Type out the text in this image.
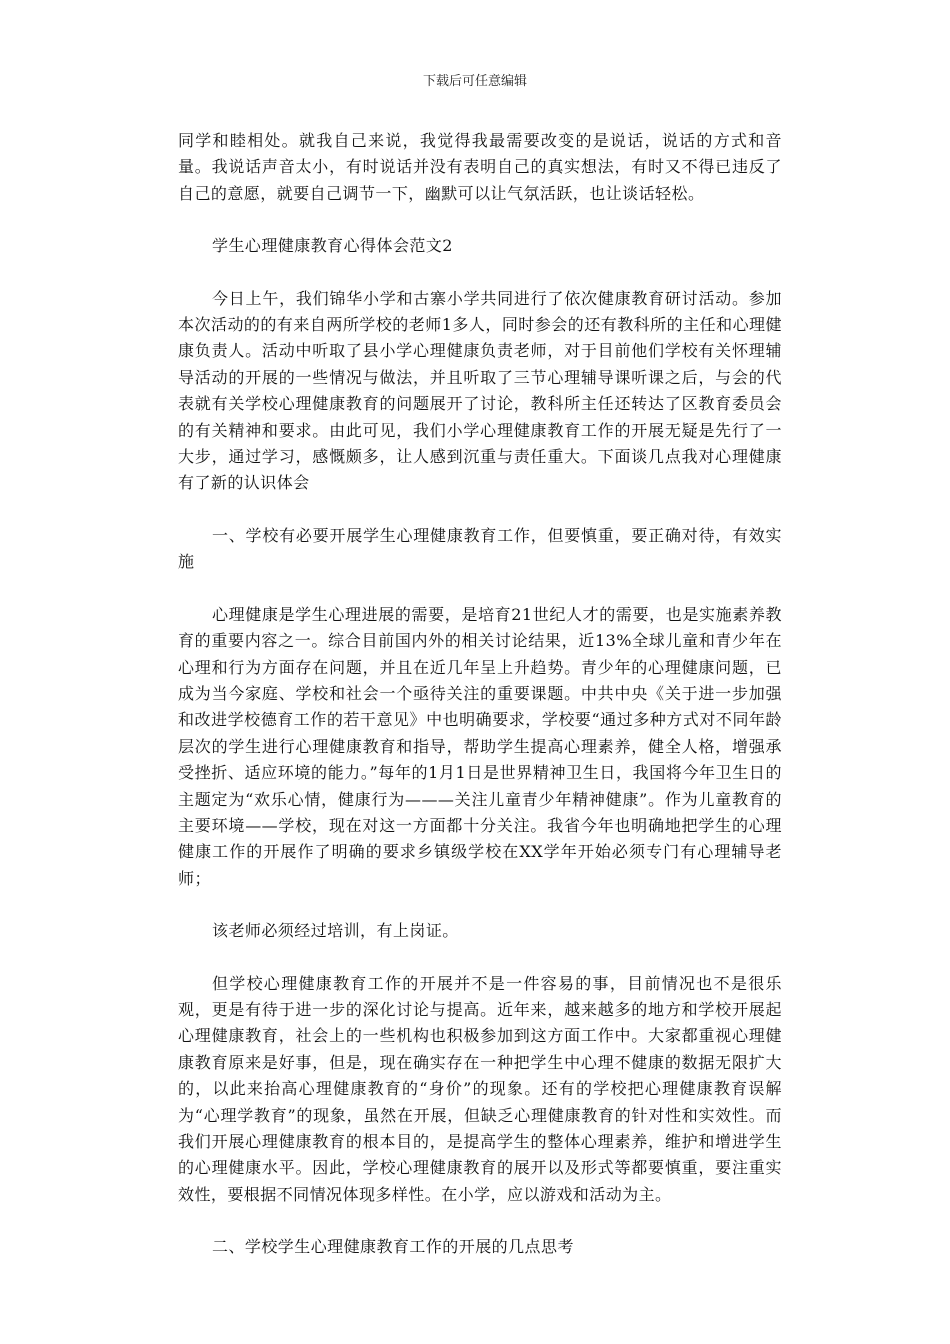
下载后可任意编辑

同学和睦相处。就我自己来说，我觉得我最需要改变的是说话，说话的方式和音量。我说话声音太小，有时说话并没有表明自己的真实想法，有时又不得已违反了自己的意愿，就要自己调节一下，幽默可以让气氛活跃，也让谈话轻松。

学生心理健康教育心得体会范文2

今日上午，我们锦华小学和古寨小学共同进行了依次健康教育研讨活动。参加本次活动的的有来自两所学校的老师1多人，同时参会的还有教科所的主任和心理健康负责人。活动中听取了县小学心理健康负责老师，对于目前他们学校有关怀理辅导活动的开展的一些情况与做法，并且听取了三节心理辅导课听课之后，与会的代表就有关学校心理健康教育的问题展开了讨论，教科所主任还转达了区教育委员会的有关精神和要求。由此可见，我们小学心理健康教育工作的开展无疑是先行了一大步，通过学习，感慨颇多，让人感到沉重与责任重大。下面谈几点我对心理健康有了新的认识体会

一、学校有必要开展学生心理健康教育工作，但要慎重，要正确对待，有效实施

心理健康是学生心理进展的需要，是培育21世纪人才的需要，也是实施素养教育的重要内容之一。综合目前国内外的相关讨论结果，近13%全球儿童和青少年在心理和行为方面存在问题，并且在近几年呈上升趋势。青少年的心理健康问题，已成为当今家庭、学校和社会一个亟待关注的重要课题。中共中央《关于进一步加强和改进学校德育工作的若干意见》中也明确要求，学校要“通过多种方式对不同年龄层次的学生进行心理健康教育和指导，帮助学生提高心理素养，健全人格，增强承受挫折、适应环境的能力。”每年的1月1日是世界精神卫生日，我国将今年卫生日的主题定为“欢乐心情，健康行为———关注儿童青少年精神健康”。作为儿童教育的主要环境——学校，现在对这一方面都十分关注。我省今年也明确地把学生的心理健康工作的开展作了明确的要求乡镇级学校在XX学年开始必须专门有心理辅导老师；

该老师必须经过培训，有上岗证。

但学校心理健康教育工作的开展并不是一件容易的事，目前情况也不是很乐观，更是有待于进一步的深化讨论与提高。近年来，越来越多的地方和学校开展起心理健康教育，社会上的一些机构也积极参加到这方面工作中。大家都重视心理健康教育原来是好事，但是，现在确实存在一种把学生中心理不健康的数据无限扩大的，以此来抬高心理健康教育的“身价”的现象。还有的学校把心理健康教育误解为“心理学教育”的现象，虽然在开展，但缺乏心理健康教育的针对性和实效性。而我们开展心理健康教育的根本目的，是提高学生的整体心理素养，维护和增进学生的心理健康水平。因此，学校心理健康教育的展开以及形式等都要慎重，要注重实效性，要根据不同情况体现多样性。在小学，应以游戏和活动为主。

二、学校学生心理健康教育工作的开展的几点思考
